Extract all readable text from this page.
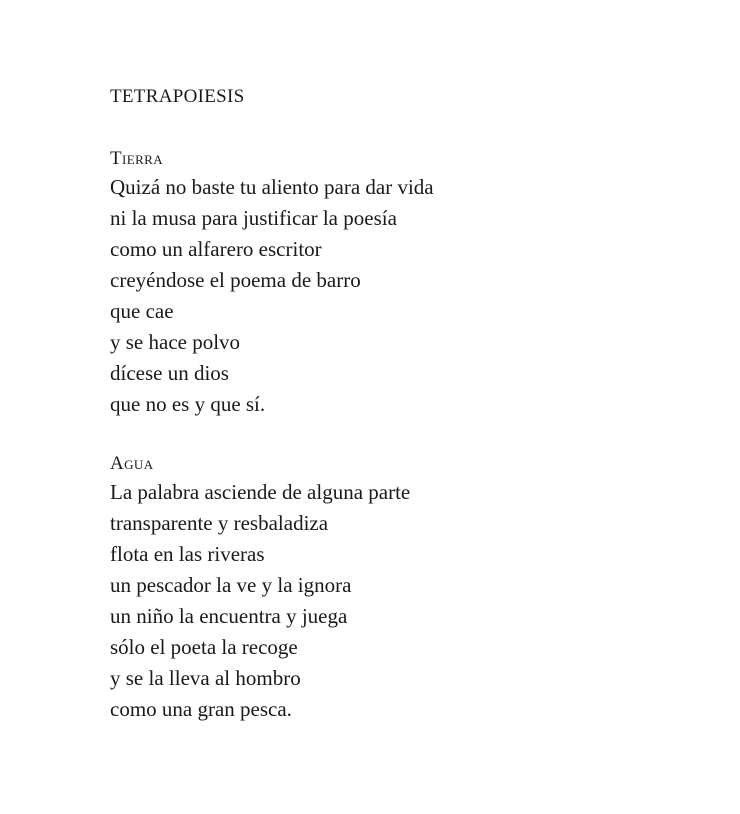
TETRAPOIESIS
Tierra
Quizá no baste tu aliento para dar vida
ni la musa para justificar la poesía
como un alfarero escritor
creyéndose el poema de barro
que cae
y se hace polvo
dícese un dios
que no es y que sí.
Agua
La palabra asciende de alguna parte
transparente y resbaladiza
flota en las riveras
un pescador la ve y la ignora
un niño la encuentra y juega
sólo el poeta la recoge
y se la lleva al hombro
como una gran pesca.
